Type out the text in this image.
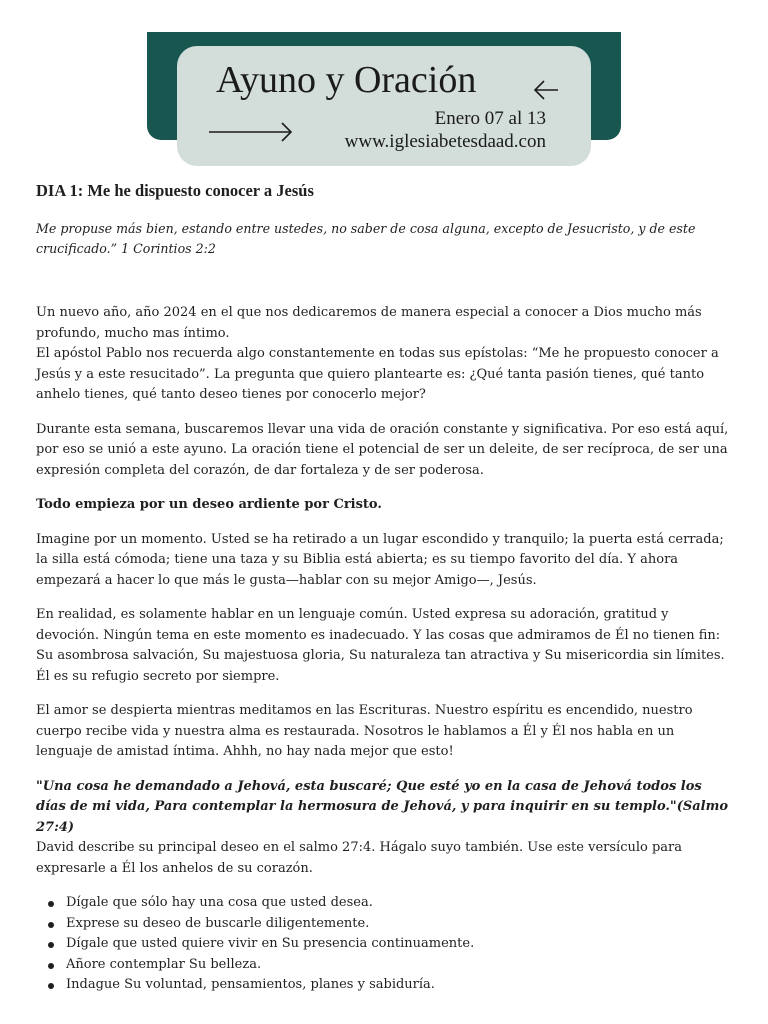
Ayuno y Oración
Enero 07 al 13
www.iglesiabetesdaad.con
DIA 1: Me he dispuesto conocer a Jesús
Me propuse más bien, estando entre ustedes, no saber de cosa alguna, excepto de Jesucristo, y de este crucificado.” 1 Corintios 2:2

Un nuevo año, año 2024 en el que nos dedicaremos de manera especial a conocer a Dios mucho más profundo, mucho mas íntimo.
El apóstol Pablo nos recuerda algo constantemente en todas sus epístolas: “Me he propuesto conocer a Jesús y a este resucitado”. La pregunta que quiero plantearte es: ¿Qué tanta pasión tienes, qué tanto anhelo tienes, qué tanto deseo tienes por conocerlo mejor?

Durante esta semana, buscaremos llevar una vida de oración constante y significativa. Por eso está aquí, por eso se unió a este ayuno. La oración tiene el potencial de ser un deleite, de ser recíproca, de ser una expresión completa del corazón, de dar fortaleza y de ser poderosa.

Todo empieza por un deseo ardiente por Cristo.

Imagine por un momento. Usted se ha retirado a un lugar escondido y tranquilo; la puerta está cerrada; la silla está cómoda; tiene una taza y su Biblia está abierta; es su tiempo favorito del día. Y ahora empezará a hacer lo que más le gusta—hablar con su mejor Amigo—, Jesús.

En realidad, es solamente hablar en un lenguaje común. Usted expresa su adoración, gratitud y devoción. Ningún tema en este momento es inadecuado. Y las cosas que admiramos de Él no tienen fin: Su asombrosa salvación, Su majestuosa gloria, Su naturaleza tan atractiva y Su misericordia sin límites. Él es su refugio secreto por siempre.

El amor se despierta mientras meditamos en las Escrituras. Nuestro espíritu es encendido, nuestro cuerpo recibe vida y nuestra alma es restaurada. Nosotros le hablamos a Él y Él nos habla en un lenguaje de amistad íntima. Ahhh, no hay nada mejor que esto!

"Una cosa he demandado a Jehová, esta buscaré; Que esté yo en la casa de Jehová todos los días de mi vida, Para contemplar la hermosura de Jehová, y para inquirir en su templo."(Salmo 27:4)
David describe su principal deseo en el salmo 27:4. Hágalo suyo también. Use este versículo para expresarle a Él los anhelos de su corazón.
Dígale que sólo hay una cosa que usted desea.
Exprese su deseo de buscarle diligentemente.
Dígale que usted quiere vivir en Su presencia continuamente.
Añore contemplar Su belleza.
Indague Su voluntad, pensamientos, planes y sabiduría.
